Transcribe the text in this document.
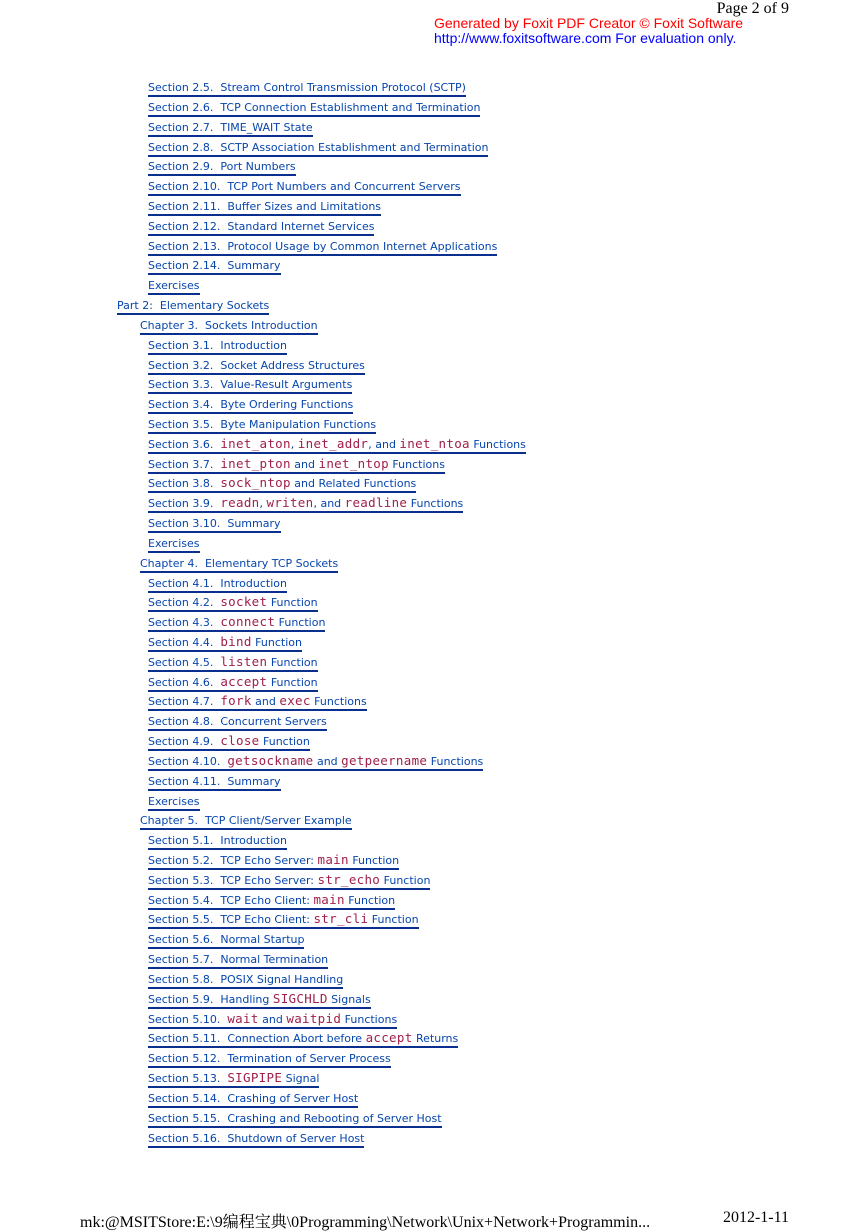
Page 2 of 9
Generated by Foxit PDF Creator © Foxit Software
http://www.foxitsoftware.com For evaluation only.
Section 2.5.  Stream Control Transmission Protocol (SCTP)
Section 2.6.  TCP Connection Establishment and Termination
Section 2.7.  TIME_WAIT State
Section 2.8.  SCTP Association Establishment and Termination
Section 2.9.  Port Numbers
Section 2.10.  TCP Port Numbers and Concurrent Servers
Section 2.11.  Buffer Sizes and Limitations
Section 2.12.  Standard Internet Services
Section 2.13.  Protocol Usage by Common Internet Applications
Section 2.14.  Summary
Exercises
Part 2:  Elementary Sockets
Chapter 3.  Sockets Introduction
Section 3.1.  Introduction
Section 3.2.  Socket Address Structures
Section 3.3.  Value-Result Arguments
Section 3.4.  Byte Ordering Functions
Section 3.5.  Byte Manipulation Functions
Section 3.6.  inet_aton, inet_addr, and inet_ntoa Functions
Section 3.7.  inet_pton and inet_ntop Functions
Section 3.8.  sock_ntop and Related Functions
Section 3.9.  readn, writen, and readline Functions
Section 3.10.  Summary
Exercises
Chapter 4.  Elementary TCP Sockets
Section 4.1.  Introduction
Section 4.2.  socket Function
Section 4.3.  connect Function
Section 4.4.  bind Function
Section 4.5.  listen Function
Section 4.6.  accept Function
Section 4.7.  fork and exec Functions
Section 4.8.  Concurrent Servers
Section 4.9.  close Function
Section 4.10.  getsockname and getpeername Functions
Section 4.11.  Summary
Exercises
Chapter 5.  TCP Client/Server Example
Section 5.1.  Introduction
Section 5.2.  TCP Echo Server: main Function
Section 5.3.  TCP Echo Server: str_echo Function
Section 5.4.  TCP Echo Client: main Function
Section 5.5.  TCP Echo Client: str_cli Function
Section 5.6.  Normal Startup
Section 5.7.  Normal Termination
Section 5.8.  POSIX Signal Handling
Section 5.9.  Handling SIGCHLD Signals
Section 5.10.  wait and waitpid Functions
Section 5.11.  Connection Abort before accept Returns
Section 5.12.  Termination of Server Process
Section 5.13.  SIGPIPE Signal
Section 5.14.  Crashing of Server Host
Section 5.15.  Crashing and Rebooting of Server Host
Section 5.16.  Shutdown of Server Host
mk:@MSITStore:E:\9编程宝典\0Programming\Network\Unix+Network+Programmin...	2012-1-11
